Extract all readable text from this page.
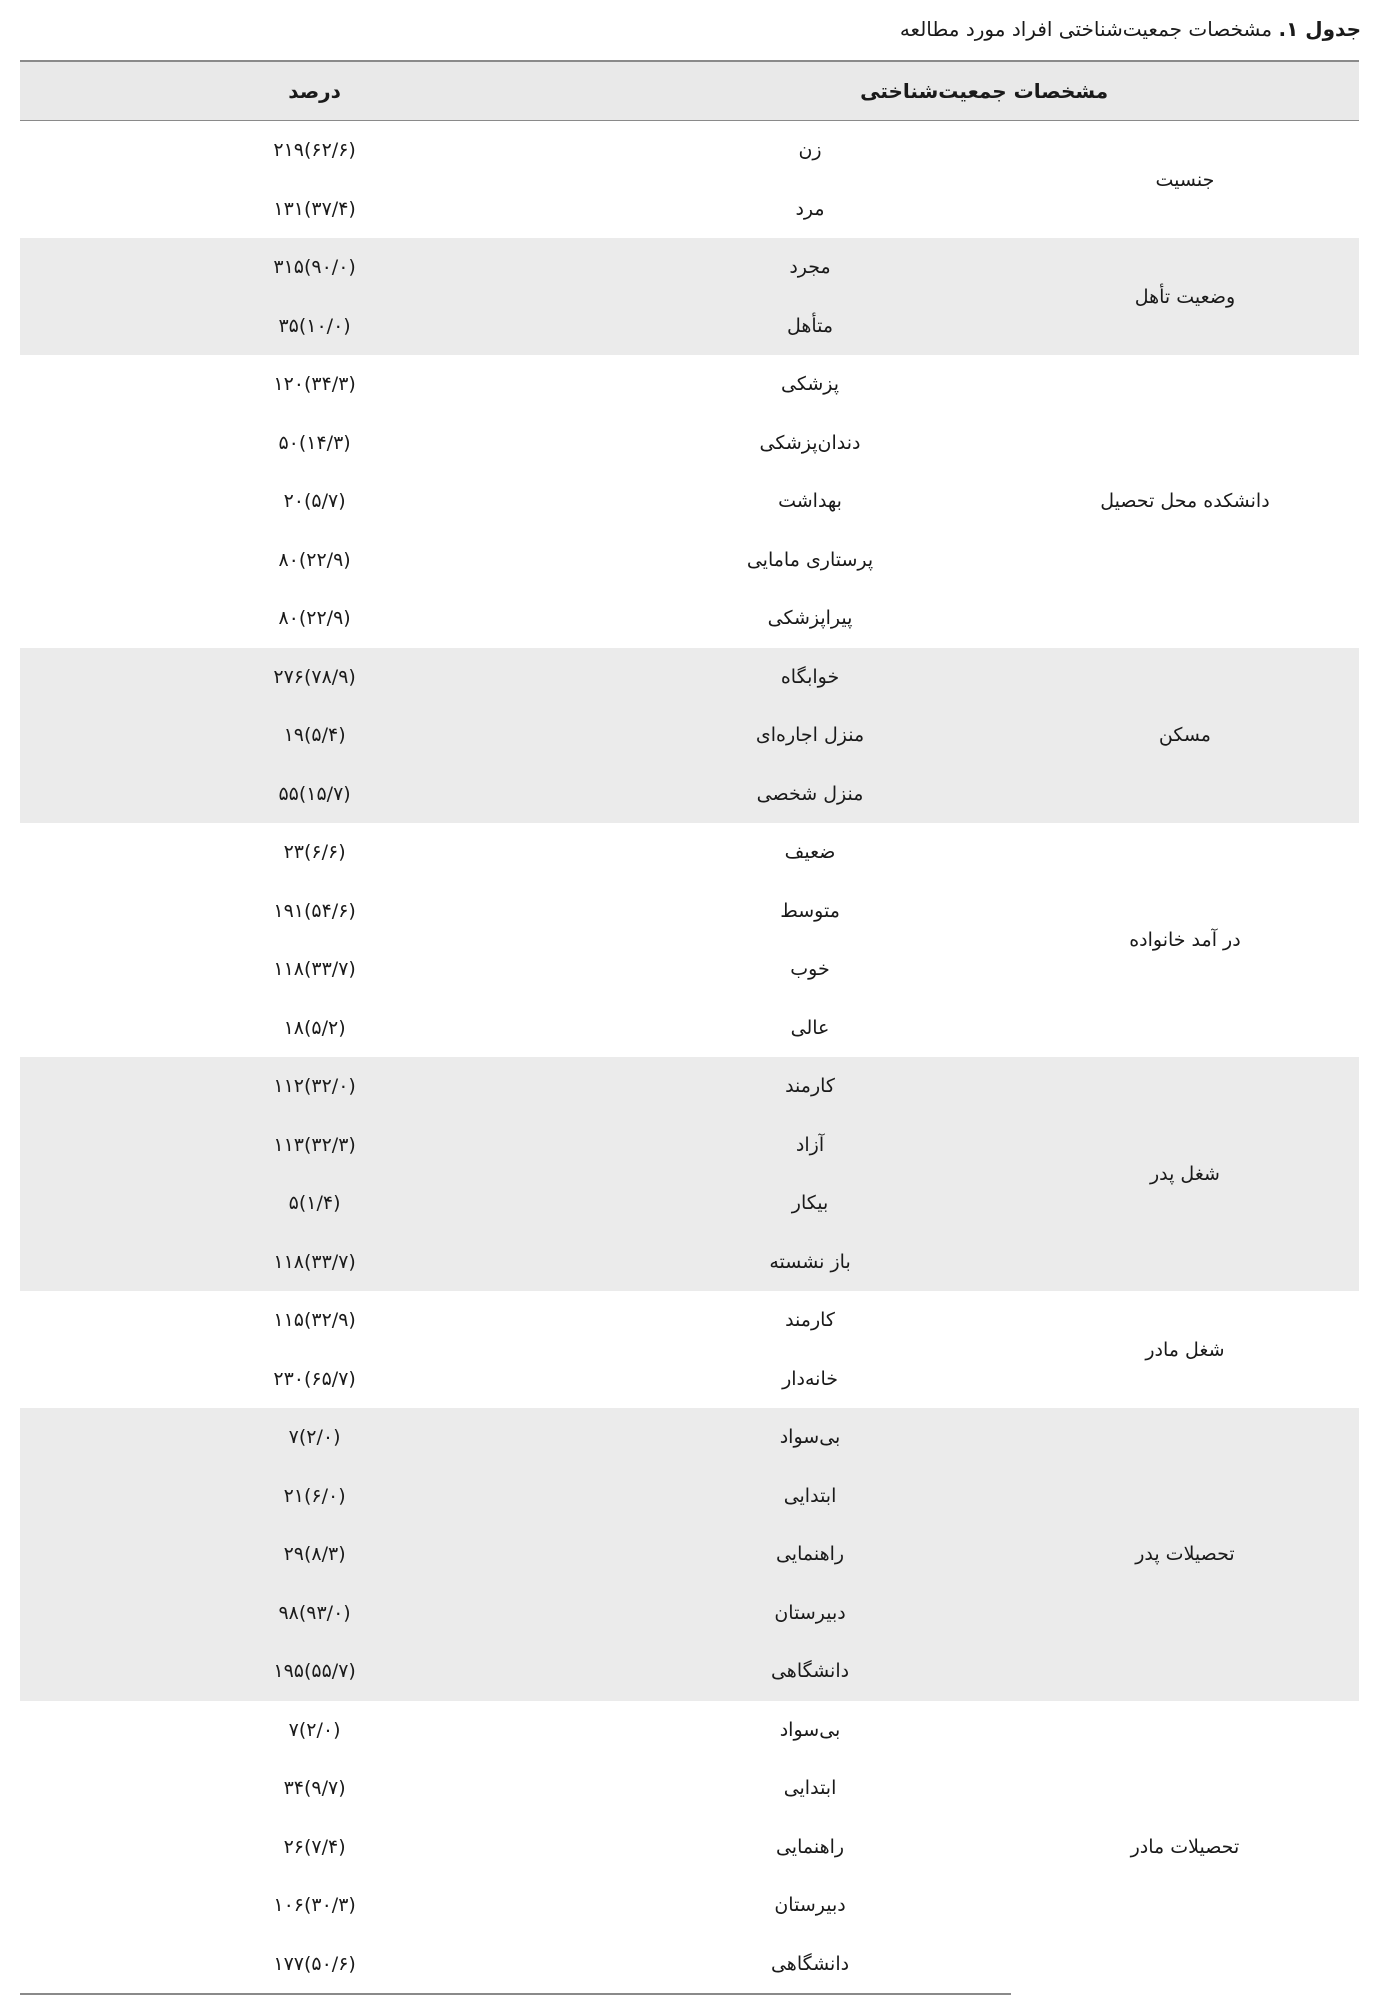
جدول ۱. مشخصات جمعیت‌شناختی افراد مورد مطالعه
مشخصات جمعیت‌شناختی		درصد
جنسیت	زن	۲۱۹(۶۲/۶)
	مرد	۱۳۱(۳۷/۴)
وضعیت تأهل	مجرد	۳۱۵(۹۰/۰)
	متأهل	۳۵(۱۰/۰)
دانشکده محل تحصیل	پزشکی	۱۲۰(۳۴/۳)
	دندان‌پزشکی	۵۰(۱۴/۳)
	بهداشت	۲۰(۵/۷)
	پرستاری مامایی	۸۰(۲۲/۹)
	پیراپزشکی	۸۰(۲۲/۹)
مسکن	خوابگاه	۲۷۶(۷۸/۹)
	منزل اجاره‌ای	۱۹(۵/۴)
	منزل شخصی	۵۵(۱۵/۷)
در آمد خانواده	ضعیف	۲۳(۶/۶)
	متوسط	۱۹۱(۵۴/۶)
	خوب	۱۱۸(۳۳/۷)
	عالی	۱۸(۵/۲)
شغل پدر	کارمند	۱۱۲(۳۲/۰)
	آزاد	۱۱۳(۳۲/۳)
	بیکار	۵(۱/۴)
	باز نشسته	۱۱۸(۳۳/۷)
شغل مادر	کارمند	۱۱۵(۳۲/۹)
	خانه‌دار	۲۳۰(۶۵/۷)
تحصیلات پدر	بی‌سواد	۷(۲/۰)
	ابتدایی	۲۱(۶/۰)
	راهنمایی	۲۹(۸/۳)
	دبیرستان	۹۸(۹۳/۰)
	دانشگاهی	۱۹۵(۵۵/۷)
تحصیلات مادر	بی‌سواد	۷(۲/۰)
	ابتدایی	۳۴(۹/۷)
	راهنمایی	۲۶(۷/۴)
	دبیرستان	۱۰۶(۳۰/۳)
	دانشگاهی	۱۷۷(۵۰/۶)
